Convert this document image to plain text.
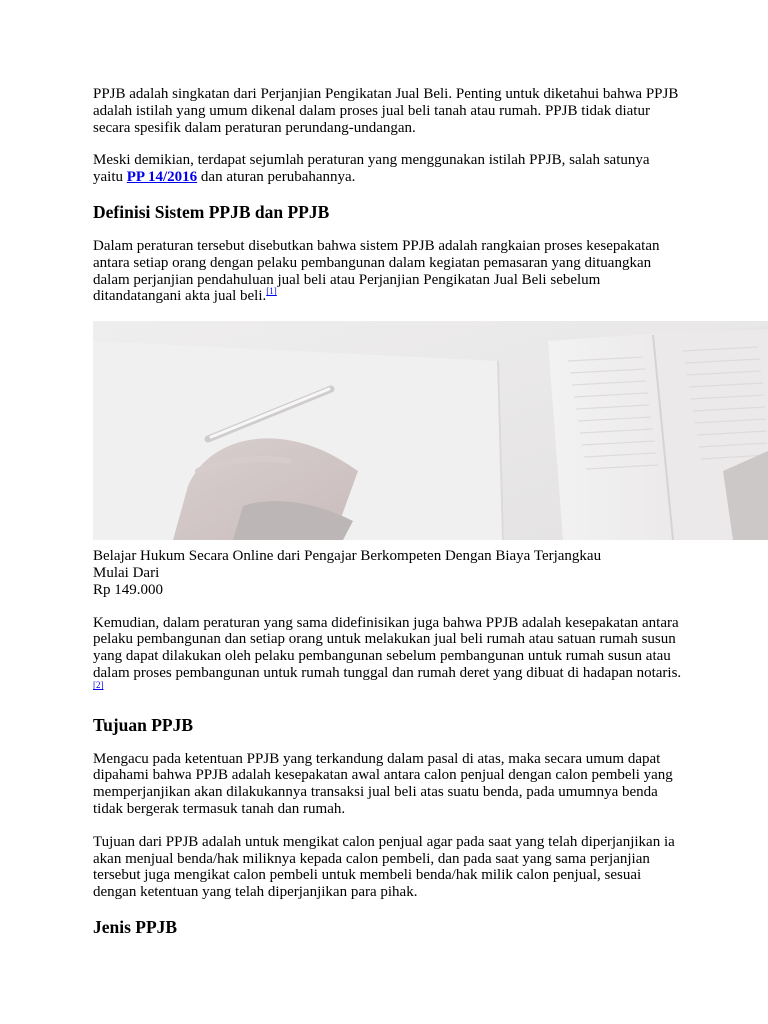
PPJB adalah singkatan dari Perjanjian Pengikatan Jual Beli. Penting untuk diketahui bahwa PPJB adalah istilah yang umum dikenal dalam proses jual beli tanah atau rumah. PPJB tidak diatur secara spesifik dalam peraturan perundang-undangan.

Meski demikian, terdapat sejumlah peraturan yang menggunakan istilah PPJB, salah satunya yaitu PP 14/2016 dan aturan perubahannya.

Definisi Sistem PPJB dan PPJB

Dalam peraturan tersebut disebutkan bahwa sistem PPJB adalah rangkaian proses kesepakatan antara setiap orang dengan pelaku pembangunan dalam kegiatan pemasaran yang dituangkan dalam perjanjian pendahuluan jual beli atau Perjanjian Pengikatan Jual Beli sebelum ditandatangani akta jual beli.[1]

Belajar Hukum Secara Online dari Pengajar Berkompeten Dengan Biaya Terjangkau
Mulai Dari
Rp 149.000

Kemudian, dalam peraturan yang sama didefinisikan juga bahwa PPJB adalah kesepakatan antara pelaku pembangunan dan setiap orang untuk melakukan jual beli rumah atau satuan rumah susun yang dapat dilakukan oleh pelaku pembangunan sebelum pembangunan untuk rumah susun atau dalam proses pembangunan untuk rumah tunggal dan rumah deret yang dibuat di hadapan notaris.[2]

Tujuan PPJB

Mengacu pada ketentuan PPJB yang terkandung dalam pasal di atas, maka secara umum dapat dipahami bahwa PPJB adalah kesepakatan awal antara calon penjual dengan calon pembeli yang memperjanjikan akan dilakukannya transaksi jual beli atas suatu benda, pada umumnya benda tidak bergerak termasuk tanah dan rumah.

Tujuan dari PPJB adalah untuk mengikat calon penjual agar pada saat yang telah diperjanjikan ia akan menjual benda/hak miliknya kepada calon pembeli, dan pada saat yang sama perjanjian tersebut juga mengikat calon pembeli untuk membeli benda/hak milik calon penjual, sesuai dengan ketentuan yang telah diperjanjikan para pihak.

Jenis PPJB
